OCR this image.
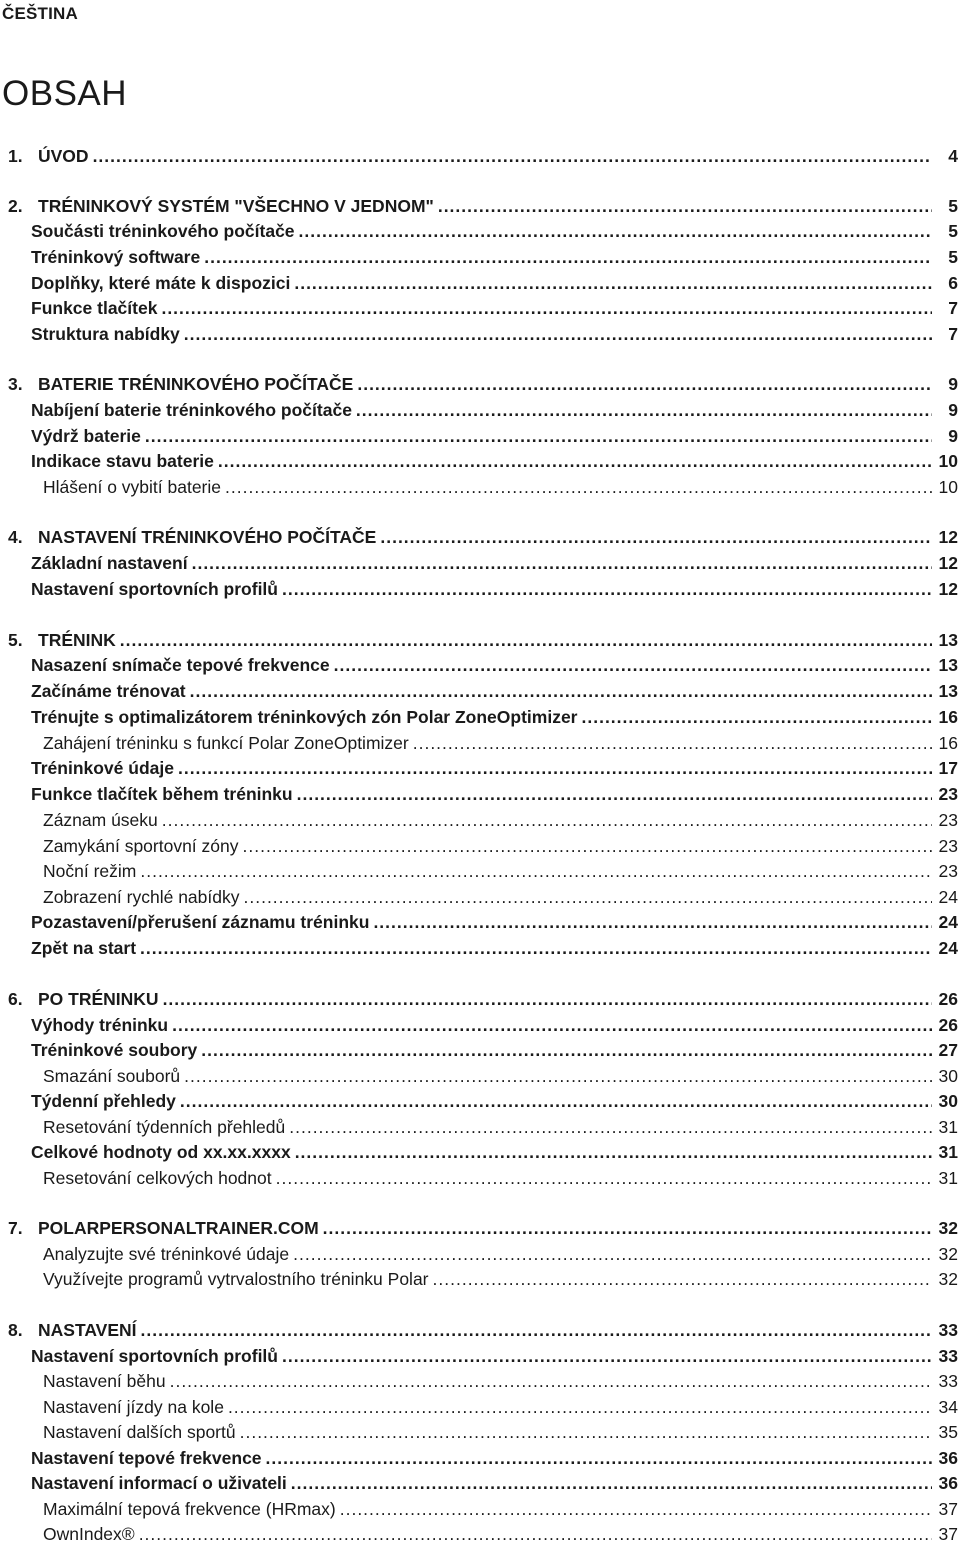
ČEŠTINA
OBSAH
1. ÚVOD .....	4
2. TRÉNINKOVÝ SYSTÉM "VŠECHNO V JEDNOM" .....	5
Součásti tréninkového počítače .....	5
Tréninkový software .....	5
Doplňky, které máte k dispozici .....	6
Funkce tlačítek .....	7
Struktura nabídky .....	7
3. BATERIE TRÉNINKOVÉHO POČÍTAČE .....	9
Nabíjení baterie tréninkového počítače .....	9
Výdrž baterie .....	9
Indikace stavu baterie .....	10
Hlášení o vybití baterie .....	10
4. NASTAVENÍ TRÉNINKOVÉHO POČÍTAČE .....	12
Základní nastavení .....	12
Nastavení sportovních profilů .....	12
5. TRÉNINK .....	13
Nasazení snímače tepové frekvence .....	13
Začínáme trénovat .....	13
Trénujte s optimalizátorem tréninkových zón Polar ZoneOptimizer .....	16
Zahájení tréninku s funkcí Polar ZoneOptimizer .....	16
Tréninkové údaje .....	17
Funkce tlačítek během tréninku .....	23
Záznam úseku .....	23
Zamykání sportovní zóny .....	23
Noční režim .....	23
Zobrazení rychlé nabídky .....	24
Pozastavení/přerušení záznamu tréninku .....	24
Zpět na start .....	24
6. PO TRÉNINKU .....	26
Výhody tréninku .....	26
Tréninkové soubory .....	27
Smazání souborů .....	30
Týdenní přehledy .....	30
Resetování týdenních přehledů .....	31
Celkové hodnoty od xx.xx.xxxx .....	31
Resetování celkových hodnot .....	31
7. POLARPERSONALTRAINER.COM .....	32
Analyzujte své tréninkové údaje .....	32
Využívejte programů vytrvalostního tréninku Polar .....	32
8. NASTAVENÍ .....	33
Nastavení sportovních profilů .....	33
Nastavení běhu .....	33
Nastavení jízdy na kole .....	34
Nastavení dalších sportů .....	35
Nastavení tepové frekvence .....	36
Nastavení informací o uživateli .....	36
Maximální tepová frekvence (HRmax) .....	37
OwnIndex® .....	37
